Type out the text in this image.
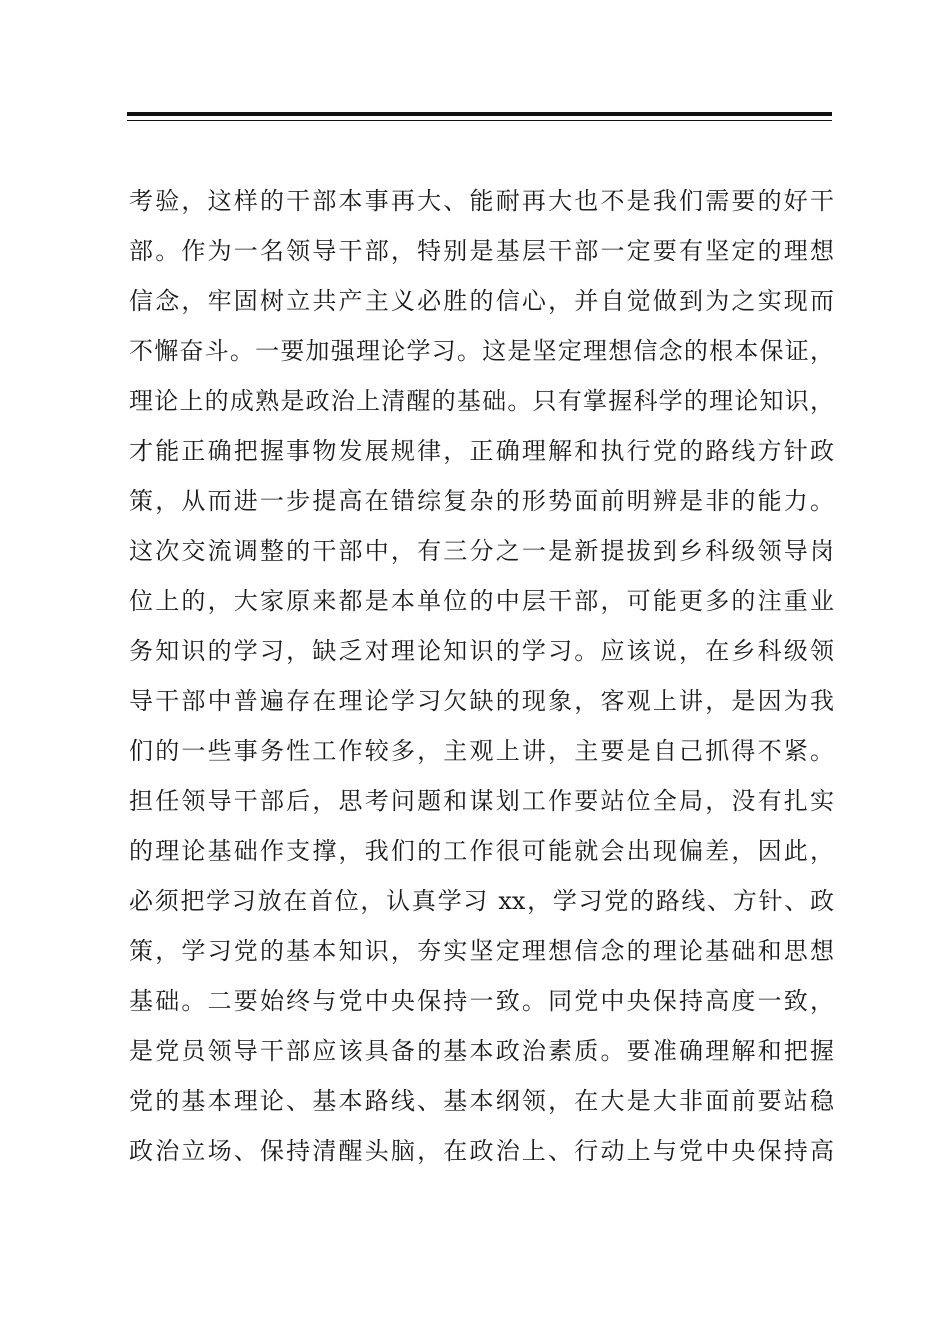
考验，这样的干部本事再大、能耐再大也不是我们需要的好干
部。作为一名领导干部，特别是基层干部一定要有坚定的理想
信念，牢固树立共产主义必胜的信心，并自觉做到为之实现而
不懈奋斗。一要加强理论学习。这是坚定理想信念的根本保证，
理论上的成熟是政治上清醒的基础。只有掌握科学的理论知识，
才能正确把握事物发展规律，正确理解和执行党的路线方针政
策，从而进一步提高在错综复杂的形势面前明辨是非的能力。
这次交流调整的干部中，有三分之一是新提拔到乡科级领导岗
位上的，大家原来都是本单位的中层干部，可能更多的注重业
务知识的学习，缺乏对理论知识的学习。应该说，在乡科级领
导干部中普遍存在理论学习欠缺的现象，客观上讲，是因为我
们的一些事务性工作较多，主观上讲，主要是自己抓得不紧。
担任领导干部后，思考问题和谋划工作要站位全局，没有扎实
的理论基础作支撑，我们的工作很可能就会出现偏差，因此，
必须把学习放在首位，认真学习 xx，学习党的路线、方针、政
策，学习党的基本知识，夯实坚定理想信念的理论基础和思想
基础。二要始终与党中央保持一致。同党中央保持高度一致，
是党员领导干部应该具备的基本政治素质。要准确理解和把握
党的基本理论、基本路线、基本纲领，在大是大非面前要站稳
政治立场、保持清醒头脑，在政治上、行动上与党中央保持高
